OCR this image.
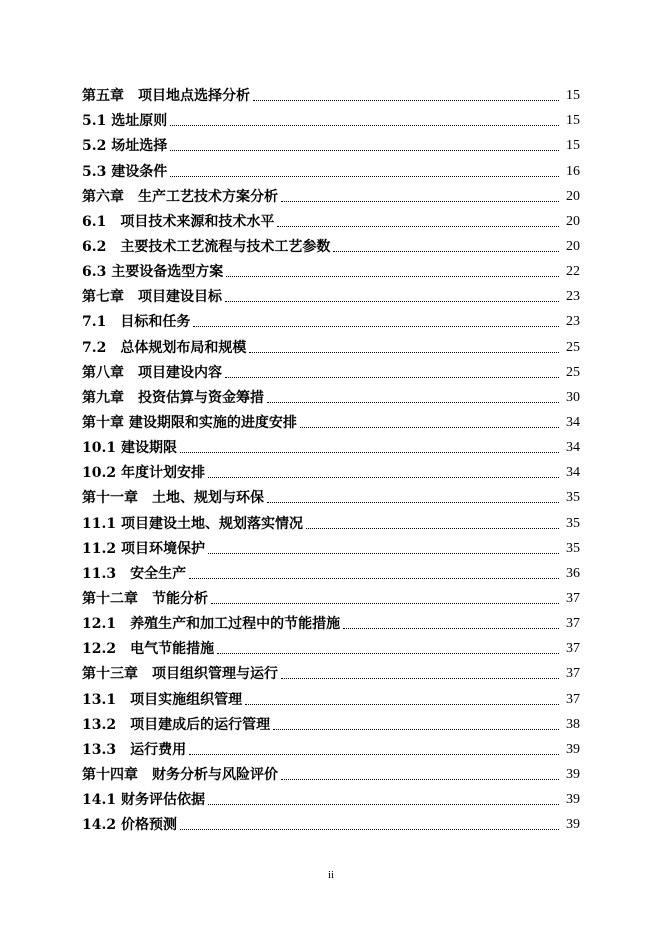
第五章　项目地点选择分析	15
5.1 选址原则	15
5.2 场址选择	15
5.3 建设条件	16
第六章　生产工艺技术方案分析	20
6.1　项目技术来源和技术水平	20
6.2　主要技术工艺流程与技术工艺参数	20
6.3 主要设备选型方案	22
第七章　项目建设目标	23
7.1　目标和任务	23
7.2　总体规划布局和规模	25
第八章　项目建设内容	25
第九章　投资估算与资金筹措	30
第十章 建设期限和实施的进度安排	34
10.1 建设期限	34
10.2 年度计划安排	34
第十一章　土地、规划与环保	35
11.1 项目建设土地、规划落实情况	35
11.2 项目环境保护	35
11.3　安全生产	36
第十二章　节能分析	37
12.1　养殖生产和加工过程中的节能措施	37
12.2　电气节能措施	37
第十三章　项目组织管理与运行	37
13.1　项目实施组织管理	37
13.2　项目建成后的运行管理	38
13.3　运行费用	39
第十四章　财务分析与风险评价	39
14.1 财务评估依据	39
14.2 价格预测	39
ii
